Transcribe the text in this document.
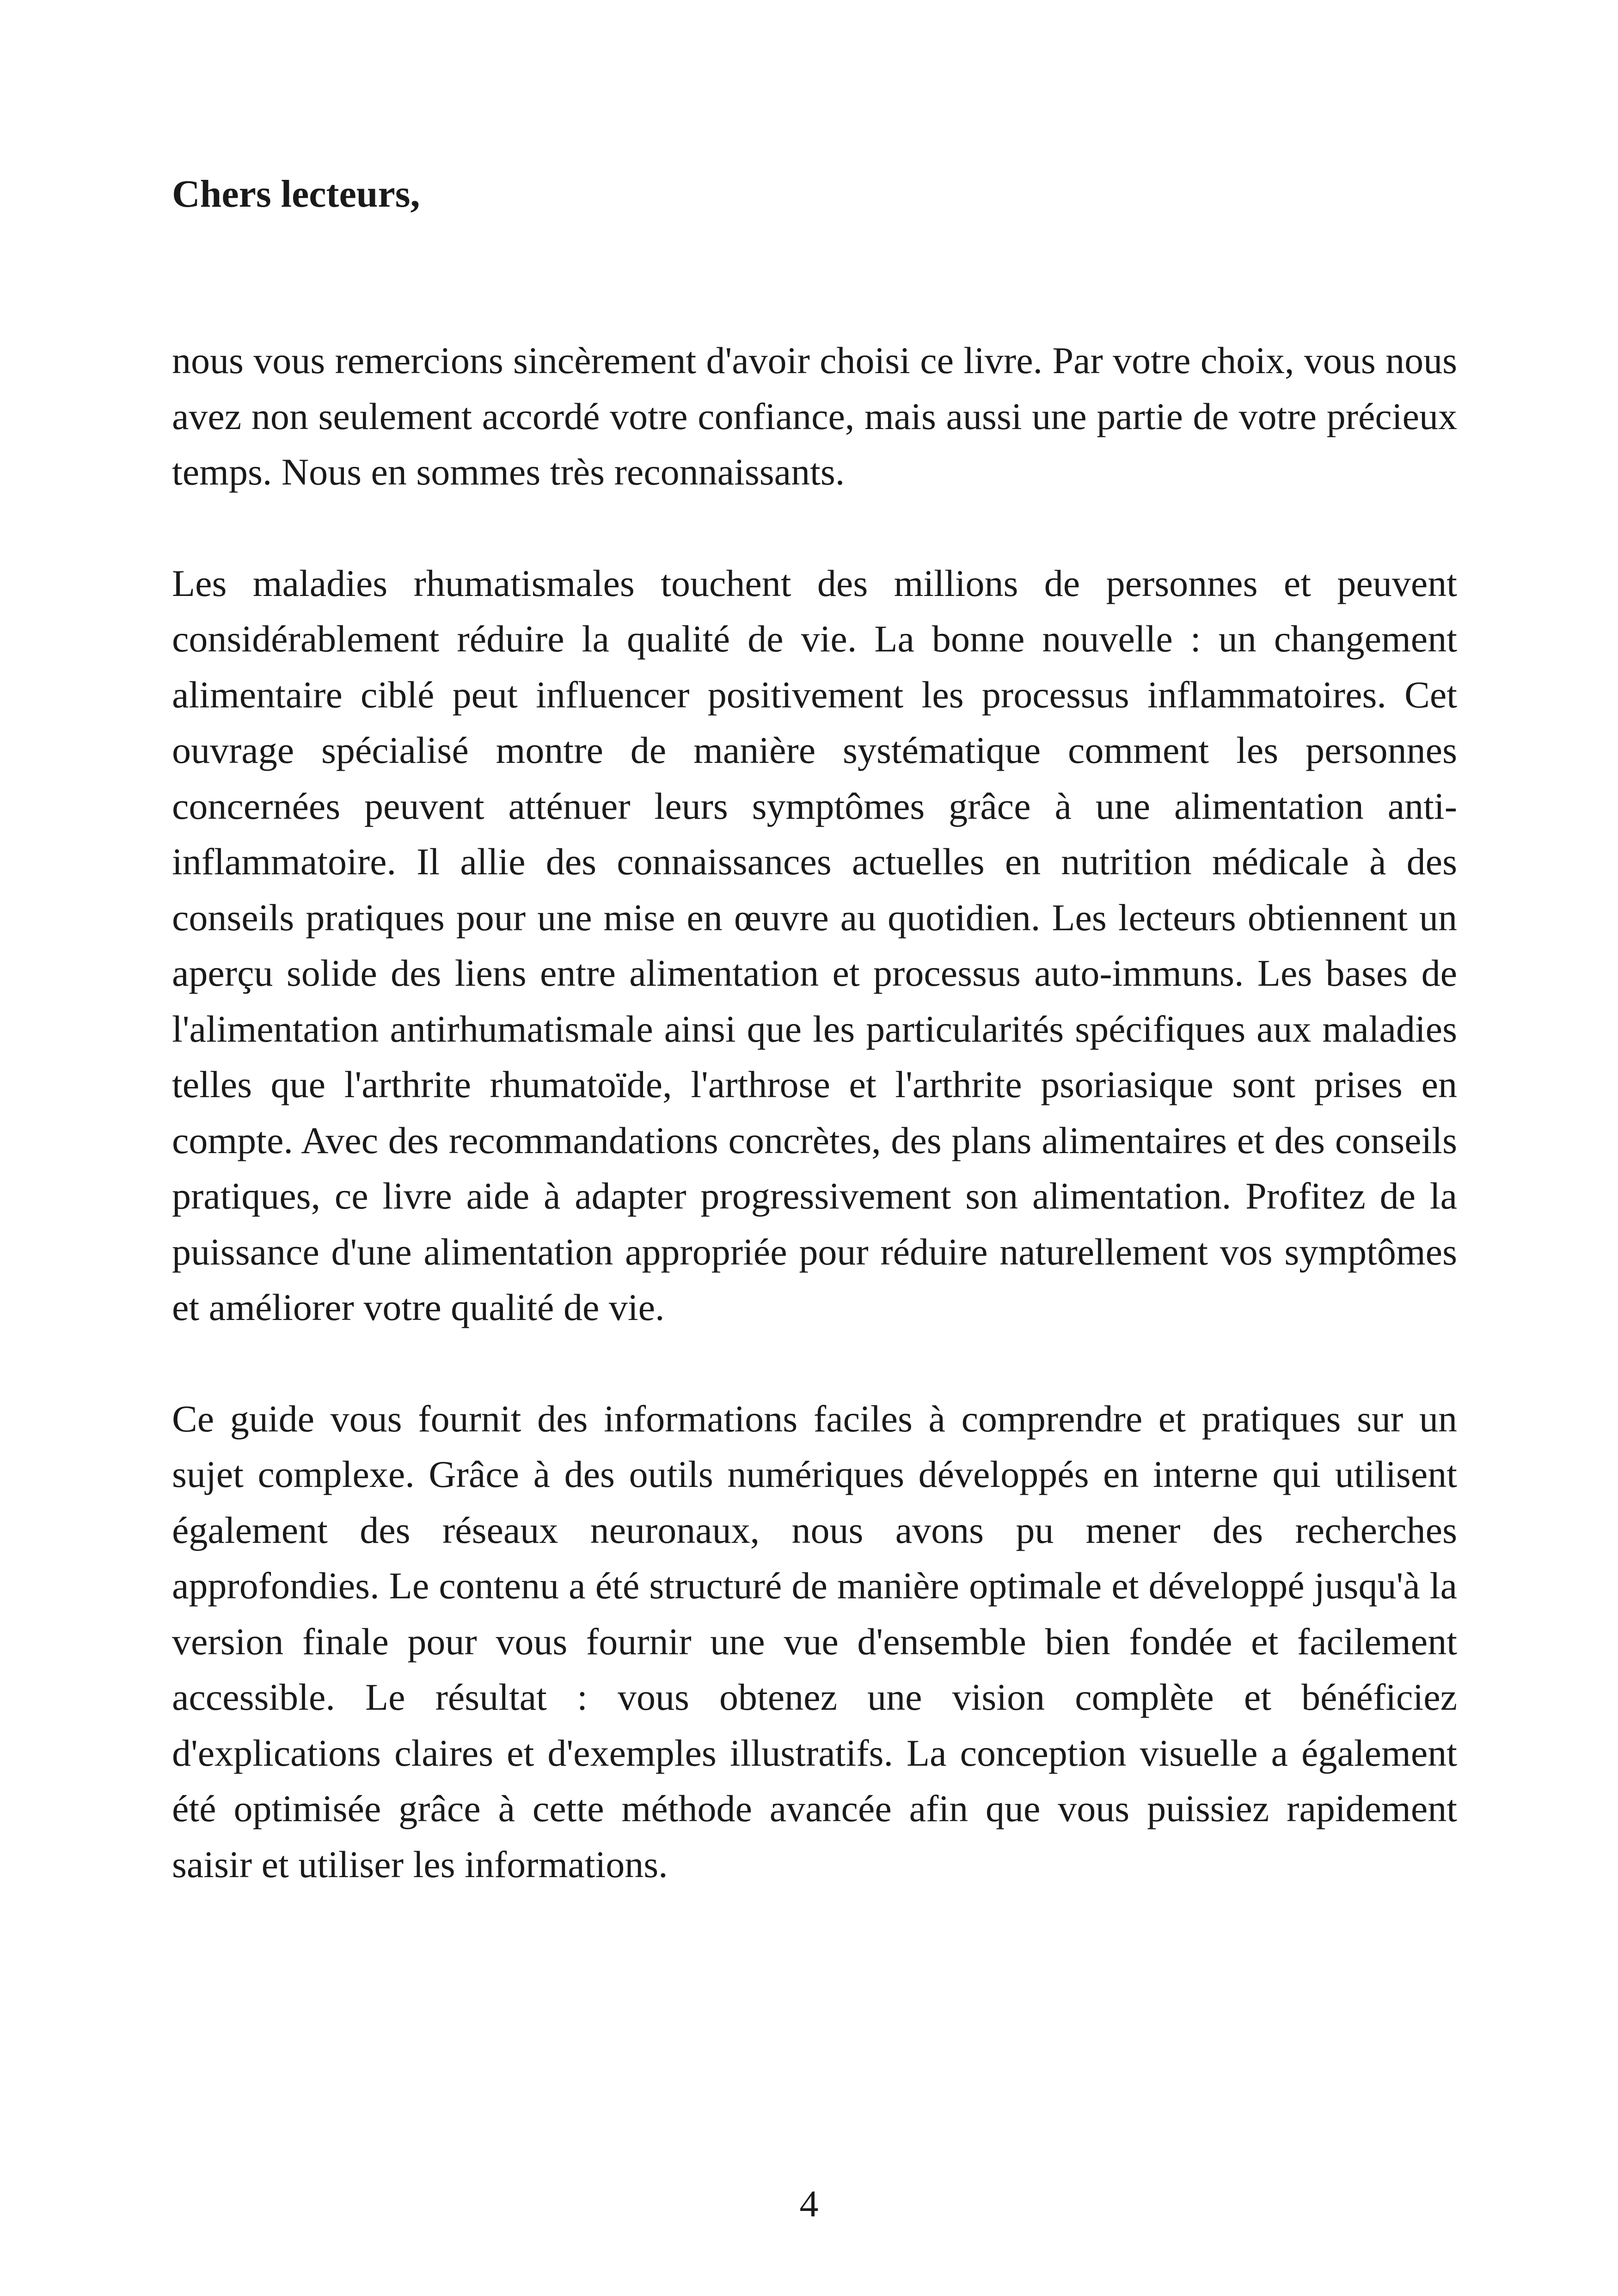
Chers lecteurs,

nous vous remercions sincèrement d'avoir choisi ce livre. Par votre choix, vous nous avez non seulement accordé votre confiance, mais aussi une partie de votre précieux temps. Nous en sommes très reconnaissants.

Les maladies rhumatismales touchent des millions de personnes et peuvent considérablement réduire la qualité de vie. La bonne nouvelle : un changement alimentaire ciblé peut influencer positivement les processus inflammatoires. Cet ouvrage spécialisé montre de manière systématique comment les personnes concernées peuvent atténuer leurs symptômes grâce à une alimentation anti-inflammatoire. Il allie des connaissances actuelles en nutrition médicale à des conseils pratiques pour une mise en œuvre au quotidien. Les lecteurs obtiennent un aperçu solide des liens entre alimentation et processus auto-immuns. Les bases de l'alimentation antirhumatismale ainsi que les particularités spécifiques aux maladies telles que l'arthrite rhumatoïde, l'arthrose et l'arthrite psoriasique sont prises en compte. Avec des recommandations concrètes, des plans alimentaires et des conseils pratiques, ce livre aide à adapter progressivement son alimentation. Profitez de la puissance d'une alimentation appropriée pour réduire naturellement vos symptômes et améliorer votre qualité de vie.

Ce guide vous fournit des informations faciles à comprendre et pratiques sur un sujet complexe. Grâce à des outils numériques développés en interne qui utilisent également des réseaux neuronaux, nous avons pu mener des recherches approfondies. Le contenu a été structuré de manière optimale et développé jusqu'à la version finale pour vous fournir une vue d'ensemble bien fondée et facilement accessible. Le résultat : vous obtenez une vision complète et bénéficiez d'explications claires et d'exemples illustratifs. La conception visuelle a également été optimisée grâce à cette méthode avancée afin que vous puissiez rapidement saisir et utiliser les informations.

4
